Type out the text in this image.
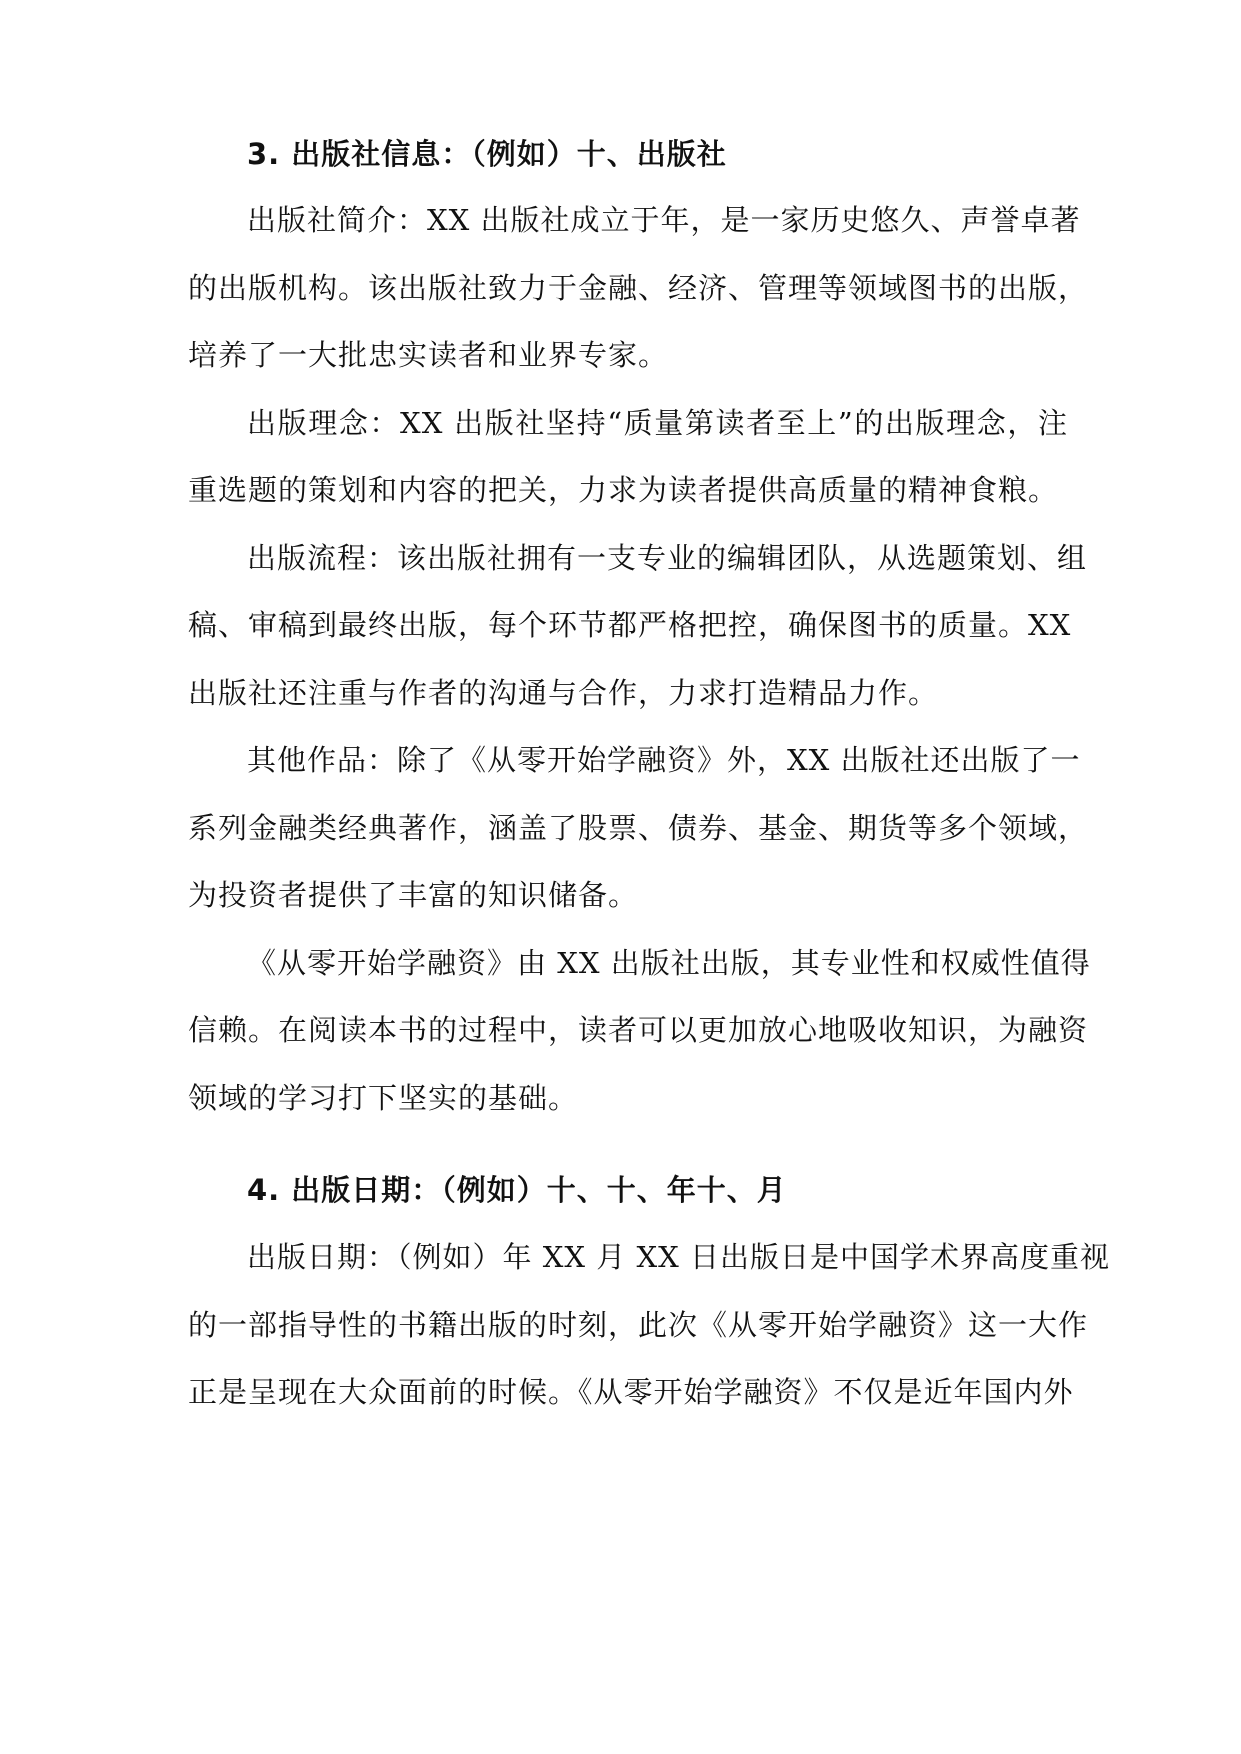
3. 出版社信息：（例如）十、出版社
出版社简介：XX 出版社成立于年，是一家历史悠久、声誉卓著
的出版机构。该出版社致力于金融、经济、管理等领域图书的出版，
培养了一大批忠实读者和业界专家。
出版理念：XX 出版社坚持“质量第读者至上”的出版理念，注
重选题的策划和内容的把关，力求为读者提供高质量的精神食粮。
出版流程：该出版社拥有一支专业的编辑团队，从选题策划、组
稿、审稿到最终出版，每个环节都严格把控，确保图书的质量。XX
出版社还注重与作者的沟通与合作，力求打造精品力作。
其他作品：除了《从零开始学融资》外，XX 出版社还出版了一
系列金融类经典著作，涵盖了股票、债券、基金、期货等多个领域，
为投资者提供了丰富的知识储备。
《从零开始学融资》由 XX 出版社出版，其专业性和权威性值得
信赖。在阅读本书的过程中，读者可以更加放心地吸收知识，为融资
领域的学习打下坚实的基础。
4. 出版日期：（例如）十、十、年十、月
出版日期：（例如）年 XX 月 XX 日出版日是中国学术界高度重视
的一部指导性的书籍出版的时刻，此次《从零开始学融资》这一大作
正是呈现在大众面前的时候。《从零开始学融资》不仅是近年国内外
